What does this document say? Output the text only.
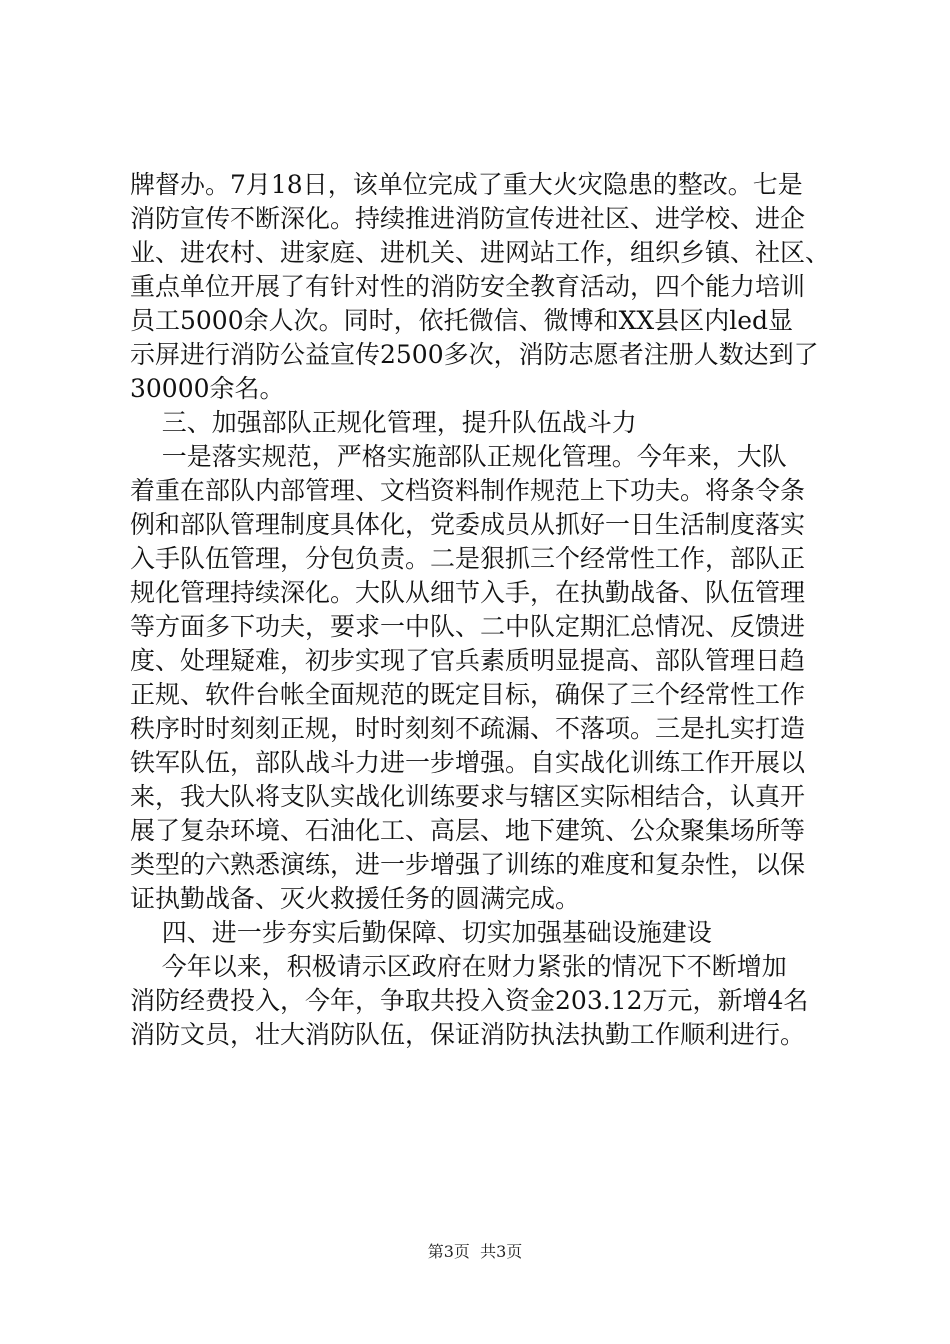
牌督办。7月18日，该单位完成了重大火灾隐患的整改。七是
消防宣传不断深化。持续推进消防宣传进社区、进学校、进企
业、进农村、进家庭、进机关、进网站工作，组织乡镇、社区、
重点单位开展了有针对性的消防安全教育活动，四个能力培训
员工5000余人次。同时，依托微信、微博和XX县区内led显
示屏进行消防公益宣传2500多次，消防志愿者注册人数达到了
30000余名。
三、加强部队正规化管理，提升队伍战斗力
一是落实规范，严格实施部队正规化管理。今年来，大队
着重在部队内部管理、文档资料制作规范上下功夫。将条令条
例和部队管理制度具体化，党委成员从抓好一日生活制度落实
入手队伍管理，分包负责。二是狠抓三个经常性工作，部队正
规化管理持续深化。大队从细节入手，在执勤战备、队伍管理
等方面多下功夫，要求一中队、二中队定期汇总情况、反馈进
度、处理疑难，初步实现了官兵素质明显提高、部队管理日趋
正规、软件台帐全面规范的既定目标，确保了三个经常性工作
秩序时时刻刻正规，时时刻刻不疏漏、不落项。三是扎实打造
铁军队伍，部队战斗力进一步增强。自实战化训练工作开展以
来，我大队将支队实战化训练要求与辖区实际相结合，认真开
展了复杂环境、石油化工、高层、地下建筑、公众聚集场所等
类型的六熟悉演练，进一步增强了训练的难度和复杂性，以保
证执勤战备、灭火救援任务的圆满完成。
四、进一步夯实后勤保障、切实加强基础设施建设
今年以来，积极请示区政府在财力紧张的情况下不断增加
消防经费投入，今年，争取共投入资金203.12万元，新增4名
消防文员，壮大消防队伍，保证消防执法执勤工作顺利进行。
第3页  共3页
